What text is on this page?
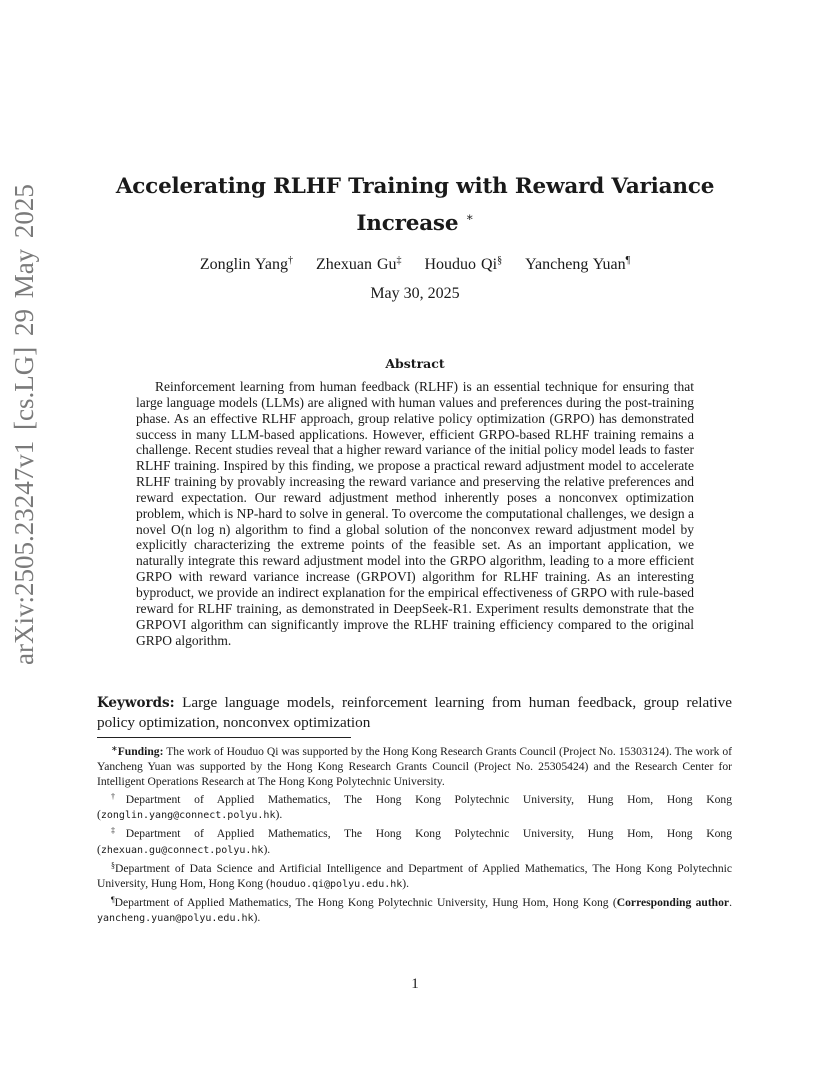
arXiv:2505.23247v1 [cs.LG] 29 May 2025	Accelerating RLHF Training with Reward Variance
Increase ∗
Zonglin Yang† Zhexuan Gu‡ Houduo Qi§ Yancheng Yuan¶
May 30, 2025
Abstract

Reinforcement learning from human feedback (RLHF) is an essential technique for ensuring that large language models (LLMs) are aligned with human values and preferences during the post-training phase. As an effective RLHF approach, group relative policy optimization (GRPO) has demonstrated success in many LLM-based applications. However, efficient GRPO-based RLHF training remains a challenge. Recent studies reveal that a higher reward variance of the initial policy model leads to faster RLHF training. Inspired by this finding, we propose a practical reward adjustment model to accelerate RLHF training by provably increasing the reward variance and preserving the relative preferences and reward expectation. Our reward adjustment method inherently poses a nonconvex optimization problem, which is NP-hard to solve in general. To overcome the computational challenges, we design a novel O(n log n) algorithm to find a global solution of the nonconvex reward adjustment model by explicitly characterizing the extreme points of the feasible set. As an important application, we naturally integrate this reward adjustment model into the GRPO algorithm, leading to a more efficient GRPO with reward variance increase (GRPOVI) algorithm for RLHF training. As an interesting byproduct, we provide an indirect explanation for the empirical effectiveness of GRPO with rule-based reward for RLHF training, as demonstrated in DeepSeek-R1. Experiment results demonstrate that the GRPOVI algorithm can significantly improve the RLHF training efficiency compared to the original GRPO algorithm.

Keywords: Large language models, reinforcement learning from human feedback, group relative policy optimization, nonconvex optimization

∗Funding: The work of Houduo Qi was supported by the Hong Kong Research Grants Council (Project No. 15303124). The work of Yancheng Yuan was supported by the Hong Kong Research Grants Council (Project No. 25305424) and the Research Center for Intelligent Operations Research at The Hong Kong Polytechnic University.

†Department of Applied Mathematics, The Hong Kong Polytechnic University, Hung Hom, Hong Kong (zonglin.yang@connect.polyu.hk).

‡Department of Applied Mathematics, The Hong Kong Polytechnic University, Hung Hom, Hong Kong (zhexuan.gu@connect.polyu.hk).

§Department of Data Science and Artificial Intelligence and Department of Applied Mathematics, The Hong Kong Polytechnic University, Hung Hom, Hong Kong (houduo.qi@polyu.edu.hk).

¶Department of Applied Mathematics, The Hong Kong Polytechnic University, Hung Hom, Hong Kong (Corresponding author. yancheng.yuan@polyu.edu.hk).

1
